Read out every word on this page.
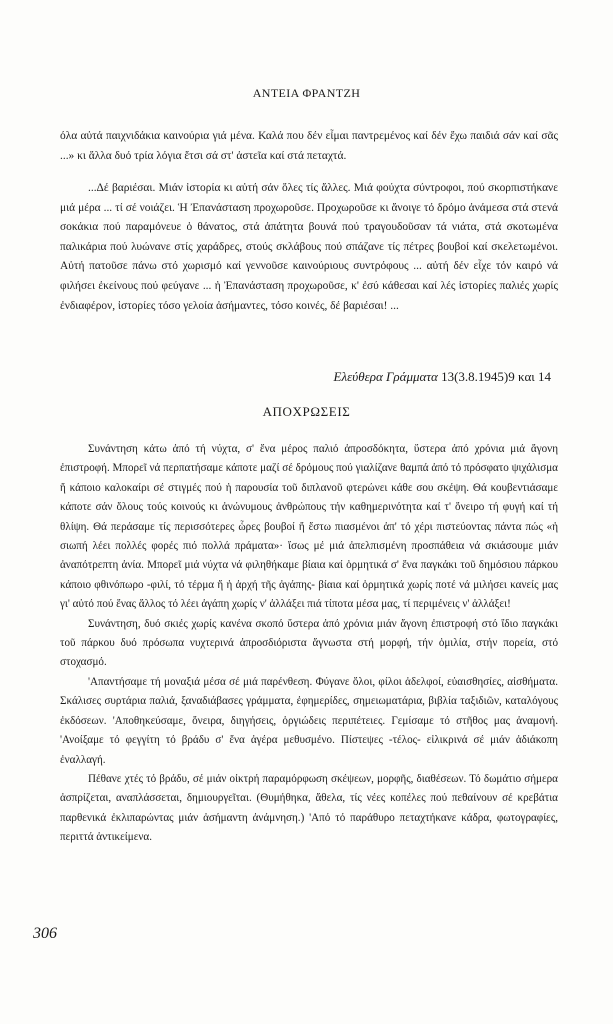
ΑΝΤΕΙΑ ΦΡΑΝΤΖΗ

όλα αὐτά παιχνιδάκια καινούρια γιά μένα. Καλά που δέν εἶμαι παντρεμένος καί δέν ἔχω παιδιά σάν καί σᾶς ...» κι ἄλλα δυό τρία λόγια ἔτσι σά στ' ἀστεῖα καί στά πεταχτά.

...Δέ βαριέσαι. Μιάν ἱστορία κι αὐτή σάν ὅλες τίς ἄλλες. Μιά φούχτα σύντροφοι, πού σκορπιστήκανε μιά μέρα ... τί σέ νοιάζει. Ἡ Ἐπανάσταση προχωροῦσε. Προχωροῦσε κι ἄνοιγε τό δρόμο ἀνάμεσα στά στενά σοκάκια πού παραμόνευε ὁ θάνατος, στά ἀπάτητα βουνά πού τραγουδοῦσαν τά νιάτα, στά σκοτωμένα παλικάρια πού λυώνανε στίς χαράδρες, στούς σκλάβους πού σπάζανε τίς πέτρες βουβοί καί σκελετωμένοι. Αὐτή πατοῦσε πάνω στό χωρισμό καί γεννοῦσε καινούριους συντρόφους ... αὐτή δέν εἶχε τόν καιρό νά φιλήσει ἐκείνους πού φεύγανε ... ἡ Ἐπανάσταση προχωροῦσε, κ' ἐσύ κάθεσαι καί λές ἱστορίες παλιές χωρίς ἐνδιαφέρον, ἱστορίες τόσο γελοία ἀσήμαντες, τόσο κοινές, δέ βαριέσαι! ...

Ελεύθερα Γράμματα 13(3.8.1945)9 και 14
ΑΠΟΧΡΩΣΕΙΣ

Συνάντηση κάτω ἀπό τή νύχτα, σ' ἕνα μέρος παλιό ἀπροσδόκητα, ὕστερα ἀπό χρόνια μιά ἄγονη ἐπιστροφή. Μπορεῖ νά περπατήσαμε κάποτε μαζί σέ δρόμους πού γιαλίζανε θαμπά ἀπό τό πρόσφατο ψιχάλισμα ἤ κάποιο καλοκαίρι σέ στιγμές πού ἡ παρουσία τοῦ διπλανοῦ φτερώνει κάθε σου σκέψη. Θά κουβεντιάσαμε κάποτε σάν ὅλους τούς κοινούς κι ἀνώνυμους ἀνθρώπους τήν καθημερινότητα καί τ' ὄνειρο τή φυγή καί τή θλίψη. Θά περάσαμε τίς περισσότερες ὧρες βουβοί ἤ ἔστω πιασμένοι ἀπ' τό χέρι πιστεύοντας πάντα πώς «ἡ σιωπή λέει πολλές φορές πιό πολλά πράματα»· ἴσως μέ μιά ἀπελπισμένη προσπάθεια νά σκιάσουμε μιάν ἀναπότρεπτη ἀνία. Μπορεῖ μιά νύχτα νά φιληθήκαμε βίαια καί ὁρμητικά σ' ἕνα παγκάκι τοῦ δημόσιου πάρκου κάποιο φθινόπωρο -φιλί, τό τέρμα ἤ ἡ ἀρχή τῆς ἀγάπης- βίαια καί ὁρμητικά χωρίς ποτέ νά μιλήσει κανείς μας γι' αὐτό πού ἕνας ἄλλος τό λέει ἀγάπη χωρίς ν' ἀλλάξει πιά τίποτα μέσα μας, τί περιμένεις ν' ἀλλάξει!

Συνάντηση, δυό σκιές χωρίς κανένα σκοπό ὕστερα ἀπό χρόνια μιάν ἄγονη ἐπιστροφή στό ἴδιο παγκάκι τοῦ πάρκου δυό πρόσωπα νυχτερινά ἀπροσδιόριστα ἄγνωστα στή μορφή, τήν ὁμιλία, στήν πορεία, στό στοχασμό.

'Απαντήσαμε τή μοναξιά μέσα σέ μιά παρένθεση. Φύγανε ὅλοι, φίλοι ἀδελφοί, εὐαισθησίες, αἰσθήματα. Σκάλισες συρτάρια παλιά, ξαναδιάβασες γράμματα, ἐφημερίδες, σημειωματάρια, βιβλία ταξιδιῶν, καταλόγους ἐκδόσεων. 'Αποθηκεύσαμε, ὄνειρα, διηγήσεις, ὀργιώδεις περιπέτειες. Γεμίσαμε τό στῆθος μας ἀναμονή. 'Ανοίξαμε τό φεγγίτη τό βράδυ σ' ἕνα ἀγέρα μεθυσμένο. Πίστεψες -τέλος- εἰλικρινά σέ μιάν ἀδιάκοπη ἐναλλαγή.

Πέθανε χτές τό βράδυ, σέ μιάν οἰκτρή παραμόρφωση σκέψεων, μορφῆς, διαθέσεων. Τό δωμάτιο σήμερα ἀσπρίζεται, αναπλάσσεται, δημιουργεῖται. (Θυμήθηκα, ἄθελα, τίς νέες κοπέλες πού πεθαίνουν σέ κρεβάτια παρθενικά ἐκλιπαρώντας μιάν ἀσήμαντη ἀνάμνηση.) 'Από τό παράθυρο πεταχτήκανε κάδρα, φωτογραφίες, περιττά ἀντικείμενα.

306
